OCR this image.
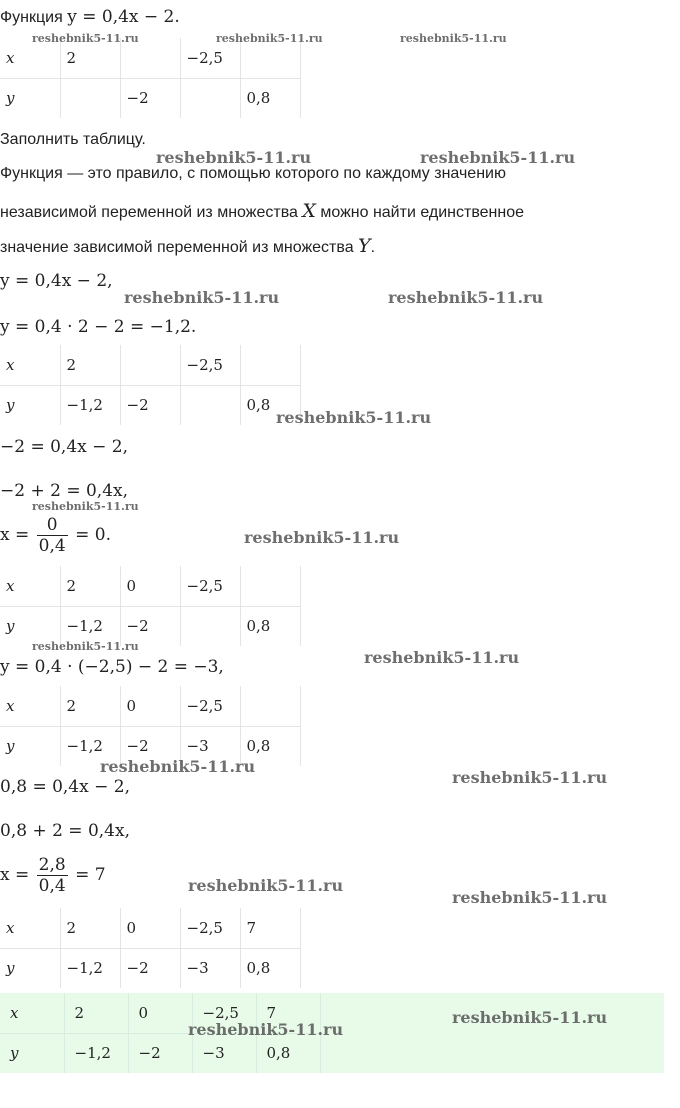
Функция y = 0,4x − 2.
x	2		−2,5	
y		−2		0,8
Заполнить таблицу.
Функция — это правило, с помощью которого по каждому значению
независимой переменной из множества X можно найти единственное
значение зависимой переменной из множества Y.
y = 0,4x − 2,
y = 0,4 · 2 − 2 = −1,2.
x	2		−2,5	
y	−1,2	−2		0,8
−2 = 0,4x − 2,
−2 + 2 = 0,4x,
$x = \frac{0}{0,4} = 0$.
x	2	0	−2,5	
y	−1,2	−2		0,8
y = 0,4 · (−2,5) − 2 = −3,
x	2	0	−2,5	
y	−1,2	−2	−3	0,8
0,8 = 0,4x − 2,
0,8 + 2 = 0,4x,
$x = \frac{2,8}{0,4} = 7$
x	2	0	−2,5	7
y	−1,2	−2	−3	0,8
x	2	0	−2,5	7
y	−1,2	−2	−3	0,8
reshebnik5-11.ru	reshebnik5-11.ru	reshebnik5-11.ru
reshebnik5-11.ru	reshebnik5-11.ru
reshebnik5-11.ru	reshebnik5-11.ru
reshebnik5-11.ru
reshebnik5-11.ru
reshebnik5-11.ru
reshebnik5-11.ru
reshebnik5-11.ru
reshebnik5-11.ru
reshebnik5-11.ru
reshebnik5-11.ru
reshebnik5-11.ru
reshebnik5-11.ru
reshebnik5-11.ru
